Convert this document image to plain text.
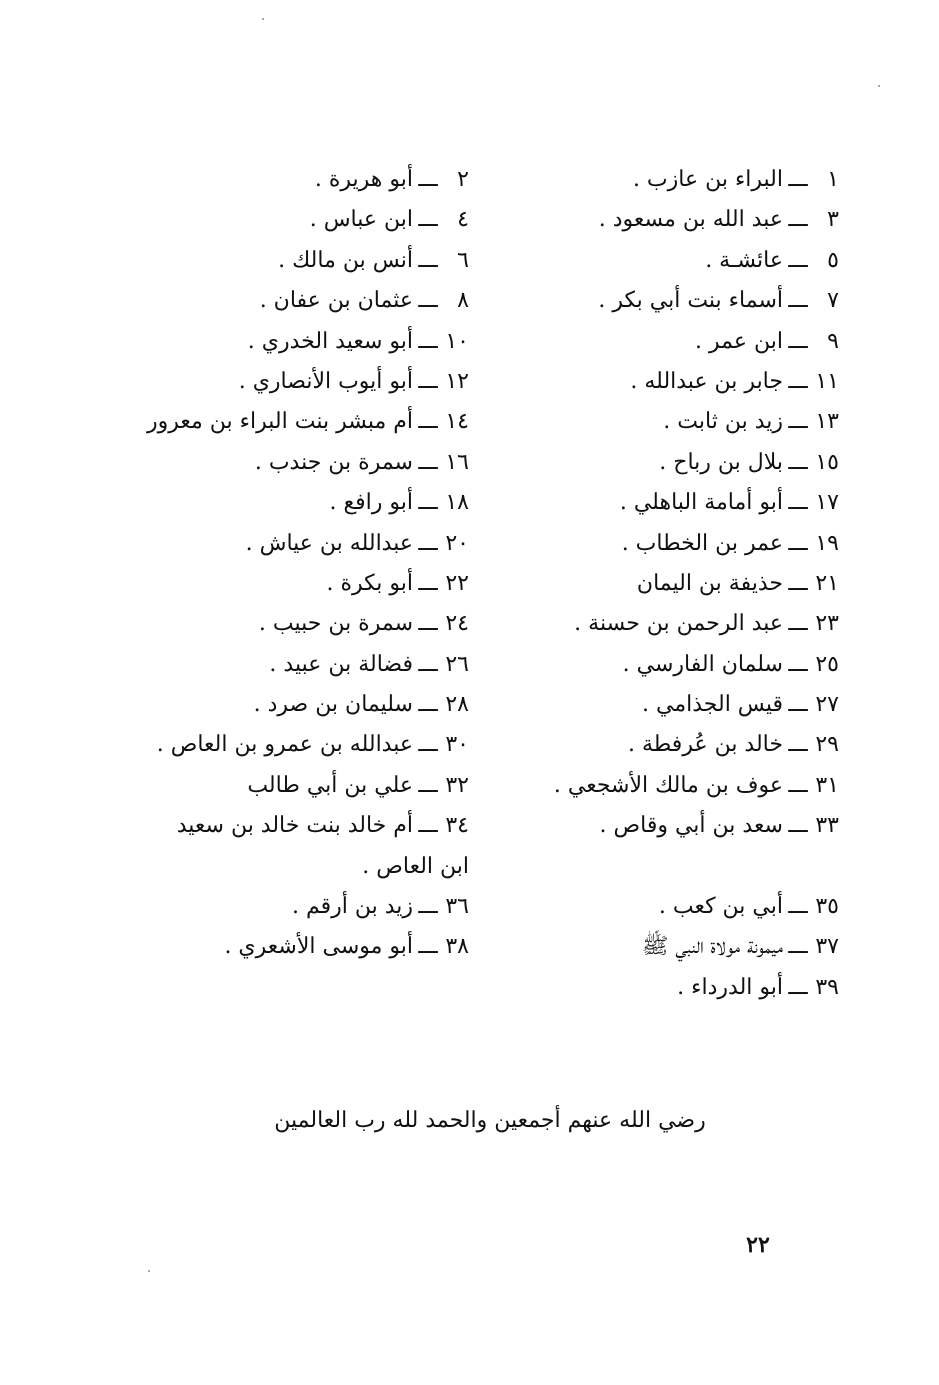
١ـــالبراء بن عازب .
٣ـــعبد الله بن مسعود .
٥ـــعائشـة .
٧ـــأسماء بنت أبي بكر .
٩ـــابن عمر .
١١ـــجابر بن عبدالله .
١٣ـــزيد بن ثابت .
١٥ـــبلال بن رباح .
١٧ـــأبو أمامة الباهلي .
١٩ـــعمر بن الخطاب .
٢١ـــحذيفة بن اليمان
٢٣ـــعبد الرحمن بن حسنة .
٢٥ـــسلمان الفارسي .
٢٧ـــقيس الجذامي .
٢٩ـــخالد بن عُرفطة .
٣١ـــعوف بن مالك الأشجعي .
٣٣ـــسعد بن أبي وقاص .
٣٥ـــأبي بن كعب .
٣٧ـــميمونة مولاة النبي ﷺ
٣٩ـــأبو الدرداء .
٢ـــأبو هريرة .
٤ـــابن عباس .
٦ـــأنس بن مالك .
٨ـــعثمان بن عفان .
١٠ـــأبو سعيد الخدري .
١٢ـــأبو أيوب الأنصاري .
١٤ـــأم مبشر بنت البراء بن معرور
١٦ـــسمرة بن جندب .
١٨ـــأبو رافع .
٢٠ـــعبدالله بن عياش .
٢٢ـــأبو بكرة .
٢٤ـــسمرة بن حبيب .
٢٦ـــفضالة بن عبيد .
٢٨ـــسليمان بن صرد .
٣٠ـــعبدالله بن عمرو بن العاص .
٣٢ـــعلي بن أبي طالب
٣٤ـــأم خالد بنت خالد بن سعيد
ابن العاص .
٣٦ـــزيد بن أرقم .
٣٨ـــأبو موسى الأشعري .
رضي الله عنهم أجمعين والحمد لله رب العالمين
٢٢
